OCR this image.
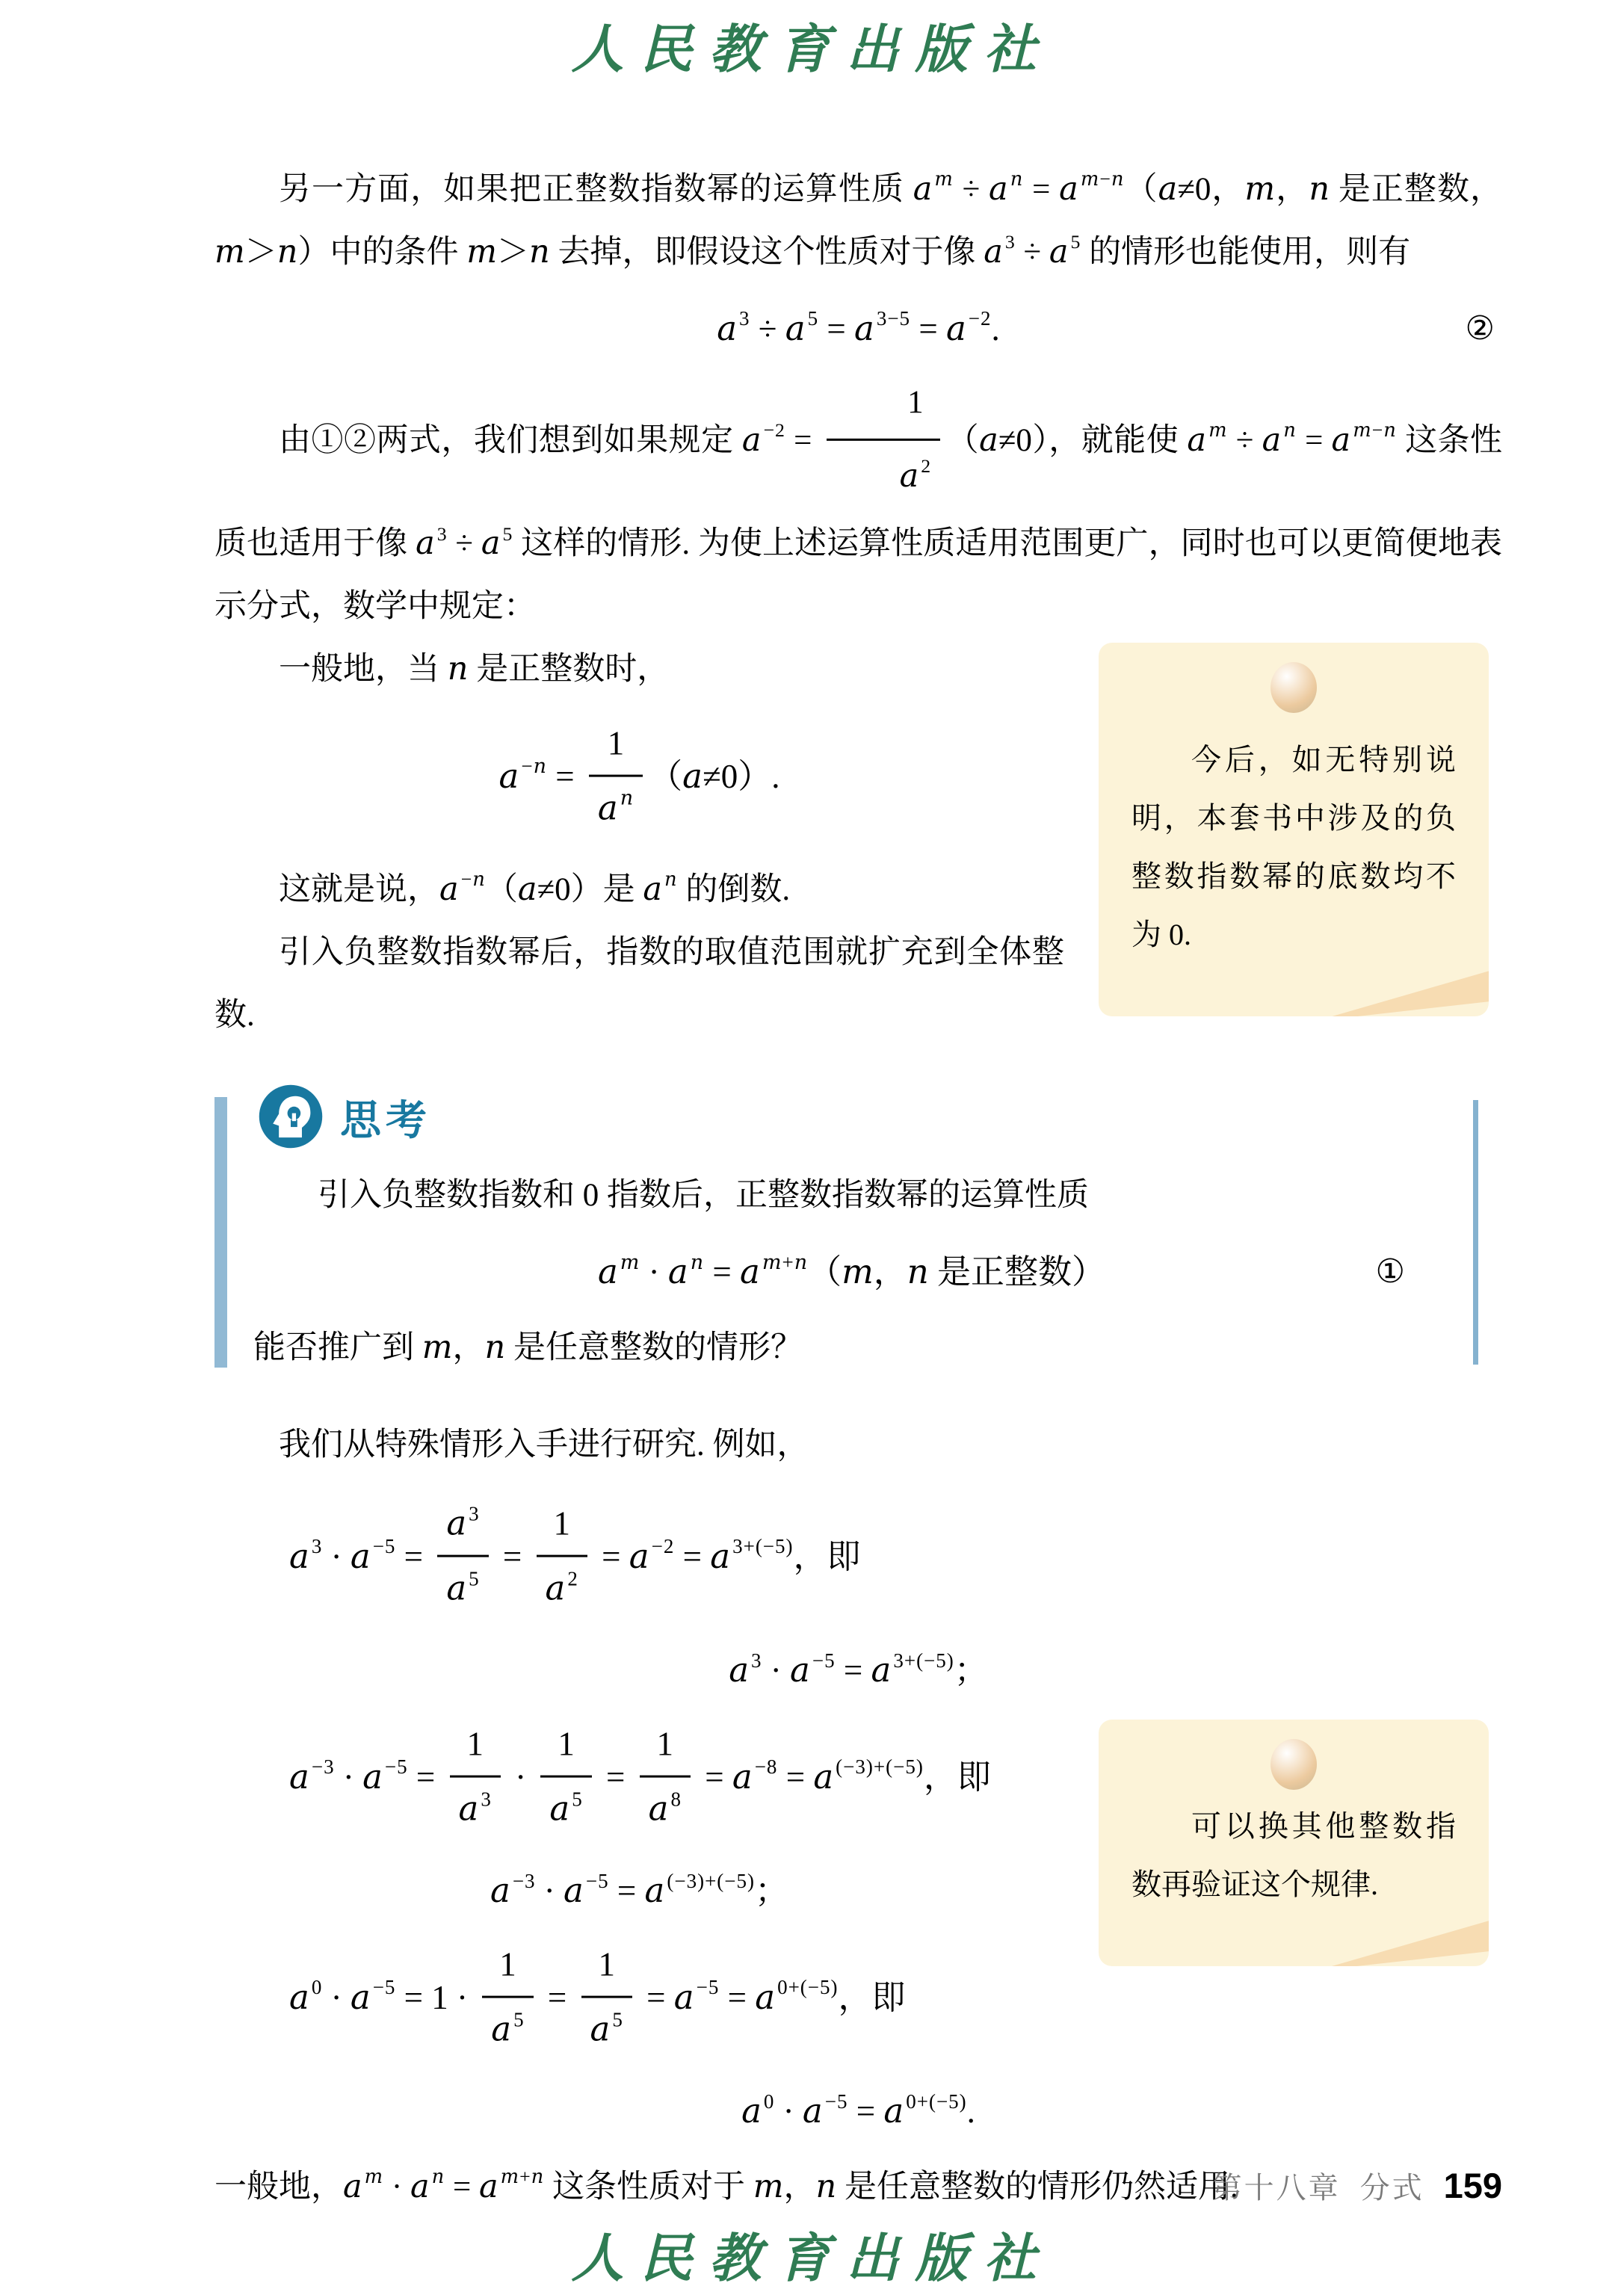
人民教育出版社

另一方面，如果把正整数指数幂的运算性质 a $^m$ ÷ a $^n$ = a $^{m-n}$（a≠0，m，n 是正整数，m＞n）中的条件 m＞n 去掉，即假设这个性质对于像 a $^3$ ÷ a $^5$ 的情形也能使用，则有

a $^3$ ÷ a $^5$ = a $^{3-5}$ = a $^{-2}$.	②

由①②两式，我们想到如果规定 a $^{-2} = \frac{1}{a ^2} (a\ne 0)$，就能使 a $^m$ ÷ a $^n$ = a $^{m-n}$ 这条性质也适用于像 a $^3$ ÷ a $^5$ 这样的情形. 为使上述运算性质适用范围更广，同时也可以更简便地表示分式，数学中规定：

今后，如无特别说明，本套书中涉及的负整数指数幂的底数均不为 0.

一般地，当 n 是正整数时，

a $^{-n} = \frac{1}{a ^n} (a\ne 0)$.

这就是说，a $^{-n}$（a≠0）是 a $^n$ 的倒数.

引入负整数指数幂后，指数的取值范围就扩充到全体整数.

思考

引入负整数指数和 0 指数后，正整数指数幂的运算性质

a $^m$ · a $^n$ = a $^{m+n}$（m，n 是正整数）	①

能否推广到 m，n 是任意整数的情形？

我们从特殊情形入手进行研究. 例如，

a $^3$ · a $^{-5} = \frac{a ^3}{a ^5} = \frac{1}{a ^2} = a$ $^{-2}$ = a $^{3+(-5)}$，即
a $^3$ · a $^{-5}$ = a $^{3+(-5)}$；
可以换其他整数指数再验证这个规律.
a $^{-3}$ · a $^{-5} = \frac{1}{a ^3} \cdot \frac{1}{a ^5} = \frac{1}{a ^8} = a$ $^{-8}$ = a $^{(-3)+(-5)}$，即
a $^{-3}$ · a $^{-5}$ = a $^{(-3)+(-5)}$；
a $^0$ · a $^{-5} = 1 \cdot \frac{1}{a ^5} = \frac{1}{a ^5} = a$ $^{-5}$ = a $^{0+(-5)}$，即
a $^0$ · a $^{-5}$ = a $^{0+(-5)}$.

一般地，a $^m$ · a $^n$ = a $^{m+n}$ 这条性质对于 m，n 是任意整数的情形仍然适用.

第十八章 分式 159
人民教育出版社
